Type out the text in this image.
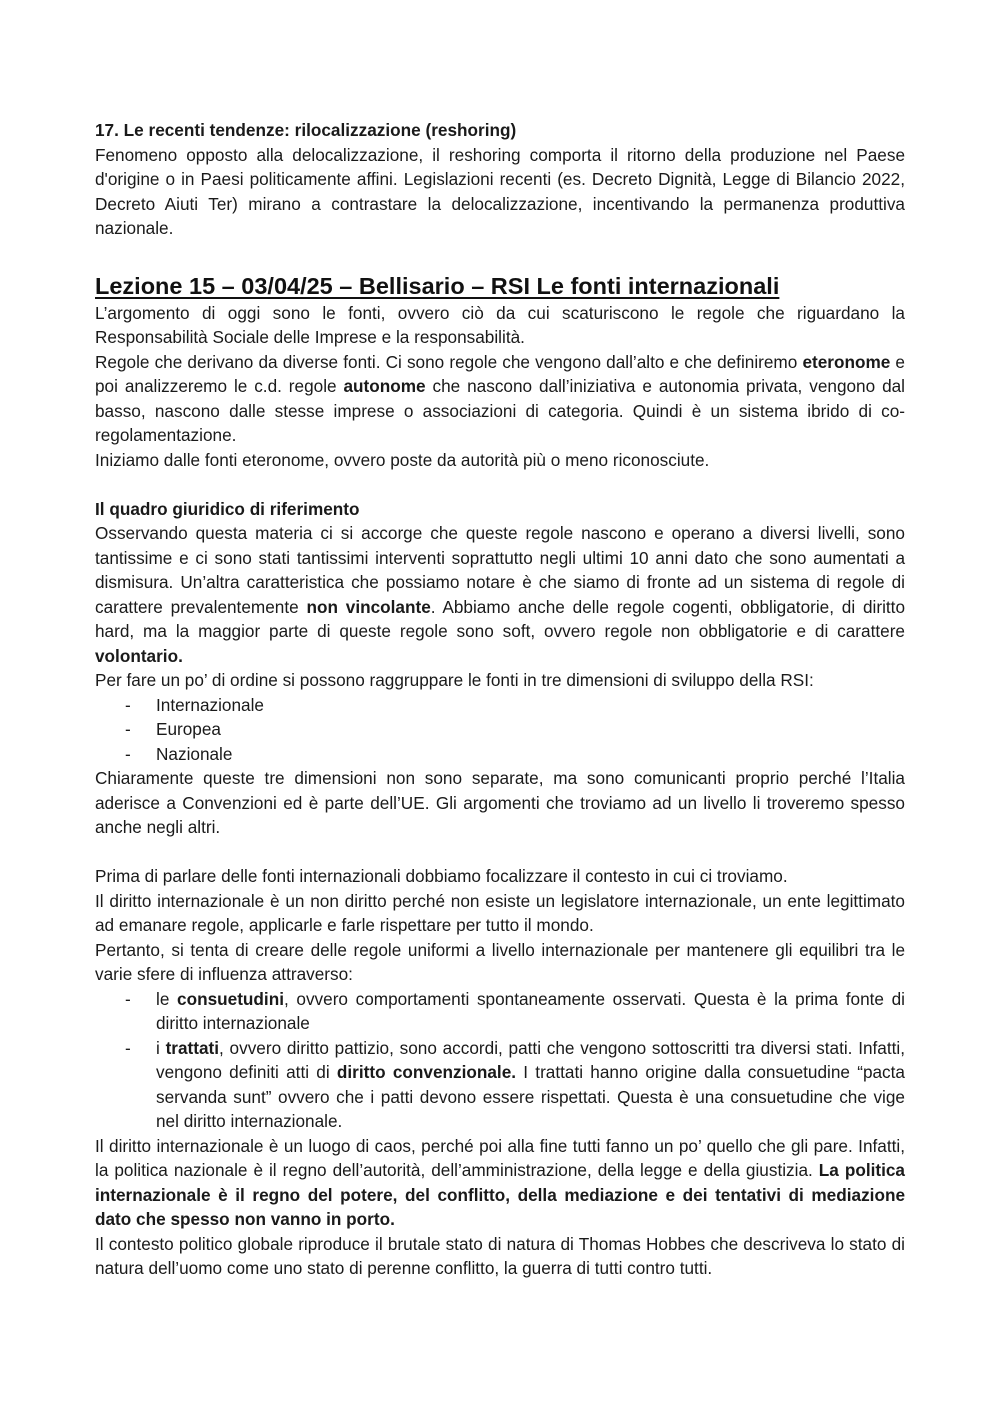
17. Le recenti tendenze: rilocalizzazione (reshoring)

Fenomeno opposto alla delocalizzazione, il reshoring comporta il ritorno della produzione nel Paese d'origine o in Paesi politicamente affini. Legislazioni recenti (es. Decreto Dignità, Legge di Bilancio 2022, Decreto Aiuti Ter) mirano a contrastare la delocalizzazione, incentivando la permanenza produttiva nazionale.

Lezione 15 – 03/04/25 – Bellisario – RSI Le fonti internazionali

L’argomento di oggi sono le fonti, ovvero ciò da cui scaturiscono le regole che riguardano la Responsabilità Sociale delle Imprese e la responsabilità.

Regole che derivano da diverse fonti. Ci sono regole che vengono dall’alto e che definiremo eteronome e poi analizzeremo le c.d. regole autonome che nascono dall’iniziativa e autonomia privata, vengono dal basso, nascono dalle stesse imprese o associazioni di categoria. Quindi è un sistema ibrido di co-regolamentazione.

Iniziamo dalle fonti eteronome, ovvero poste da autorità più o meno riconosciute.

Il quadro giuridico di riferimento

Osservando questa materia ci si accorge che queste regole nascono e operano a diversi livelli, sono tantissime e ci sono stati tantissimi interventi soprattutto negli ultimi 10 anni dato che sono aumentati a dismisura. Un’altra caratteristica che possiamo notare è che siamo di fronte ad un sistema di regole di carattere prevalentemente non vincolante. Abbiamo anche delle regole cogenti, obbligatorie, di diritto hard, ma la maggior parte di queste regole sono soft, ovvero regole non obbligatorie e di carattere volontario.

Per fare un po’ di ordine si possono raggruppare le fonti in tre dimensioni di sviluppo della RSI:

- Internazionale
- Europea
- Nazionale

Chiaramente queste tre dimensioni non sono separate, ma sono comunicanti proprio perché l’Italia aderisce a Convenzioni ed è parte dell’UE. Gli argomenti che troviamo ad un livello li troveremo spesso anche negli altri.

Prima di parlare delle fonti internazionali dobbiamo focalizzare il contesto in cui ci troviamo.

Il diritto internazionale è un non diritto perché non esiste un legislatore internazionale, un ente legittimato ad emanare regole, applicarle e farle rispettare per tutto il mondo.

Pertanto, si tenta di creare delle regole uniformi a livello internazionale per mantenere gli equilibri tra le varie sfere di influenza attraverso:

- le consuetudini, ovvero comportamenti spontaneamente osservati. Questa è la prima fonte di diritto internazionale
- i trattati, ovvero diritto pattizio, sono accordi, patti che vengono sottoscritti tra diversi stati. Infatti, vengono definiti atti di diritto convenzionale. I trattati hanno origine dalla consuetudine “pacta servanda sunt” ovvero che i patti devono essere rispettati. Questa è una consuetudine che vige nel diritto internazionale.

Il diritto internazionale è un luogo di caos, perché poi alla fine tutti fanno un po’ quello che gli pare. Infatti, la politica nazionale è il regno dell’autorità, dell’amministrazione, della legge e della giustizia. La politica internazionale è il regno del potere, del conflitto, della mediazione e dei tentativi di mediazione dato che spesso non vanno in porto.

Il contesto politico globale riproduce il brutale stato di natura di Thomas Hobbes che descriveva lo stato di natura dell’uomo come uno stato di perenne conflitto, la guerra di tutti contro tutti.
